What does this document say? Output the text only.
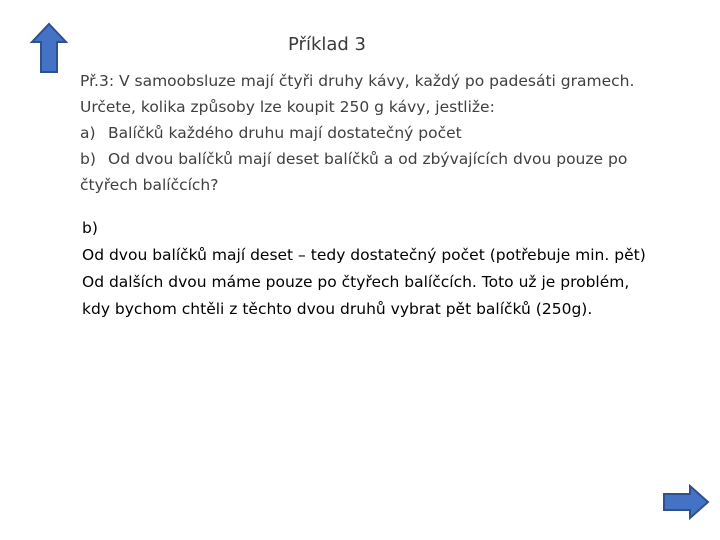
Příklad 3
Př.3: V samoobsluze mají čtyři druhy kávy, každý po padesáti gramech.
Určete, kolika způsoby lze koupit 250 g kávy, jestliže:
a) Balíčků každého druhu mají dostatečný počet
b) Od dvou balíčků mají deset balíčků a od zbývajících dvou pouze po
čtyřech balíčcích?
b)
Od dvou balíčků mají deset – tedy dostatečný počet (potřebuje min. pět)
Od dalších dvou máme pouze po čtyřech balíčcích. Toto už je problém,
kdy bychom chtěli z těchto dvou druhů vybrat pět balíčků (250g).
